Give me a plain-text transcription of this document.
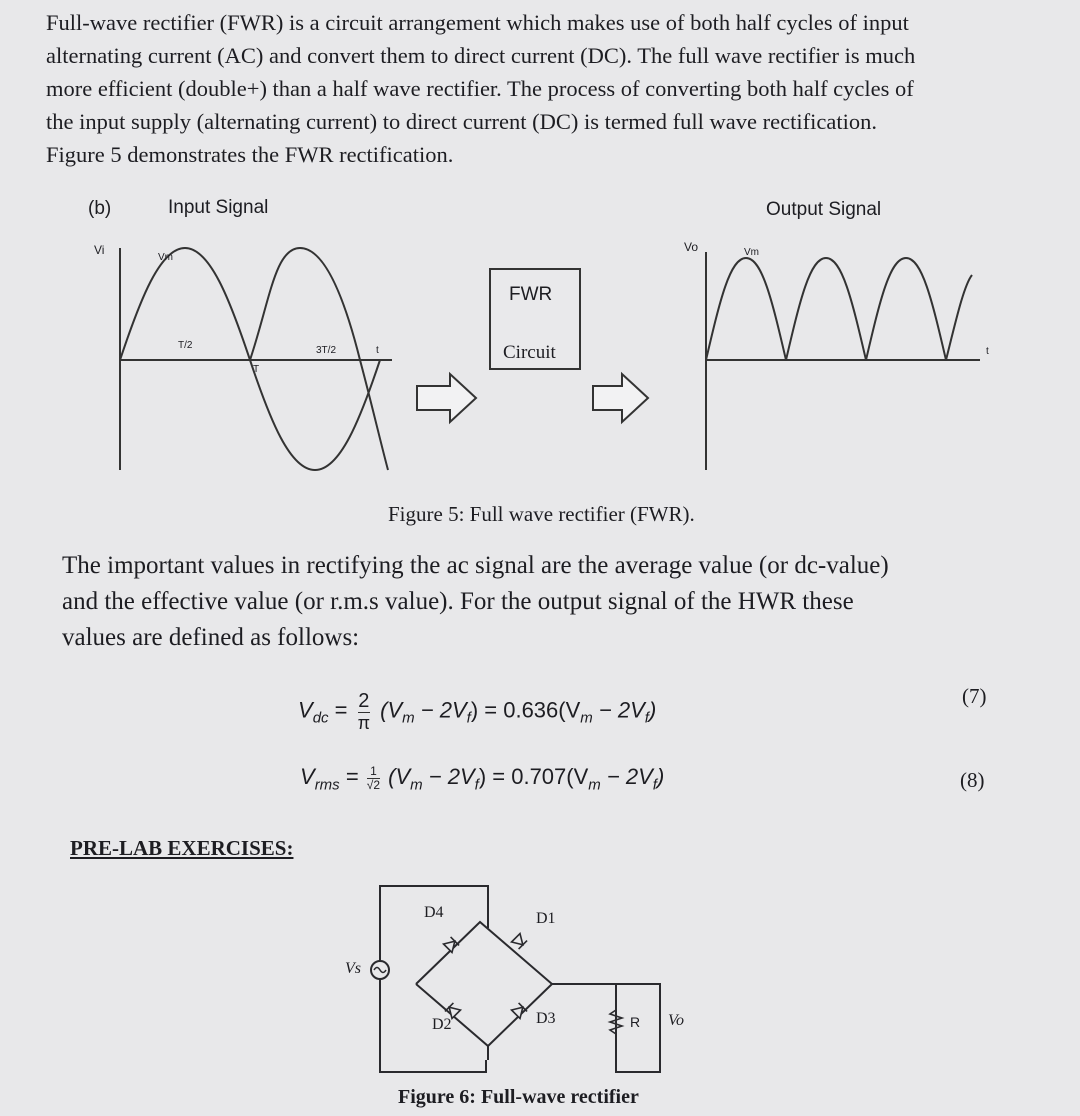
Full-wave rectifier (FWR) is a circuit arrangement which makes use of both half cycles of input
alternating current (AC) and convert them to direct current (DC). The full wave rectifier is much
more efficient (double+) than a half wave rectifier. The process of converting both half cycles of
the input supply (alternating current) to direct current (DC) is termed full wave rectification.
Figure 5 demonstrates the FWR rectification.
(b)	Input Signal	Output Signal
Vi
Vm
T/2
T
3T/2	t
Vo	Vm
t
FWR
Circuit
Figure 5: Full wave rectifier (FWR).
The important values in rectifying the ac signal are the average value (or dc-value)
and the effective value (or r.m.s value). For the output signal of the HWR these
values are defined as follows:
$V_{dc} = \frac{2}{\pi} (V_m - 2V_f) = 0.636(V_m - 2V_f)$
(7)
$V_{rms} = \frac{1}{√2} (V_m - 2V_f) = 0.707(V_m - 2V_f)$	(8)
PRE-LAB EXERCISES:
Vs
D4	D1
D2	D3	R Vo
Figure 6: Full-wave rectifier
